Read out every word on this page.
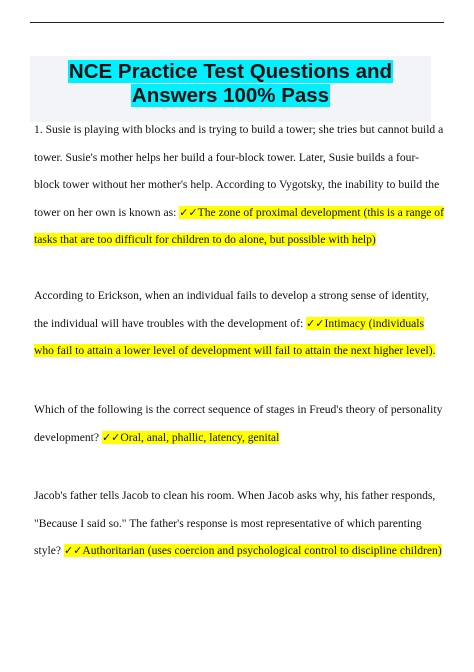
NCE Practice Test Questions and Answers 100% Pass

1. Susie is playing with blocks and is trying to build a tower; she tries but cannot build a tower. Susie's mother helps her build a four-block tower. Later, Susie builds a four-block tower without her mother's help. According to Vygotsky, the inability to build the tower on her own is known as: ✓✓The zone of proximal development (this is a range of tasks that are too difficult for children to do alone, but possible with help)

According to Erickson, when an individual fails to develop a strong sense of identity, the individual will have troubles with the development of: ✓✓Intimacy (individuals who fail to attain a lower level of development will fail to attain the next higher level).

Which of the following is the correct sequence of stages in Freud's theory of personality development? ✓✓Oral, anal, phallic, latency, genital

Jacob's father tells Jacob to clean his room. When Jacob asks why, his father responds, "Because I said so." The father's response is most representative of which parenting style? ✓✓Authoritarian (uses coercion and psychological control to discipline children)
